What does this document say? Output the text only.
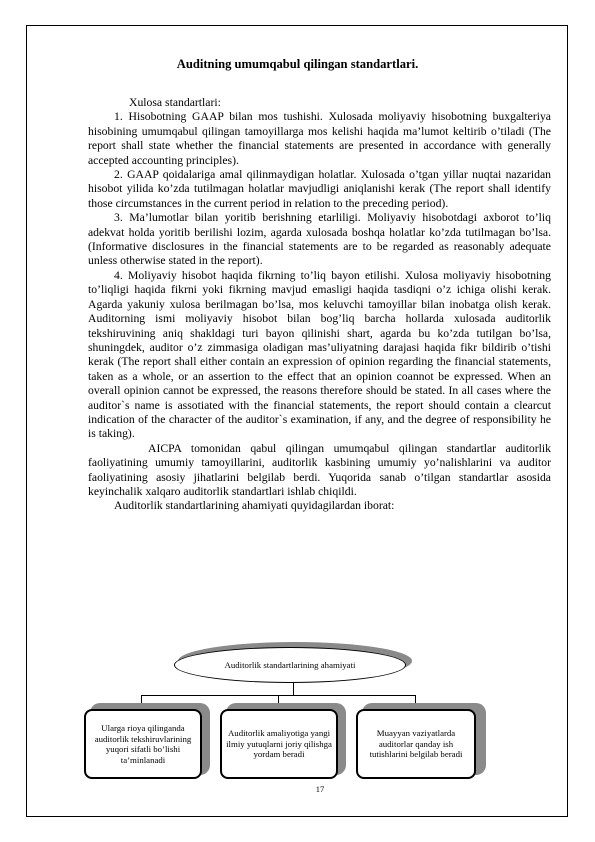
Auditning umumqabul qilingan standartlari.

Xulosa standartlari:

1. Hisobotning GAAP bilan mos tushishi. Xulosada moliyaviy hisobotning buxgalteriya hisobining umumqabul qilingan tamoyillarga mos kelishi haqida ma’lumot keltirib o’tiladi (The report shall state whether the financial statements are presented in accordance with generally accepted accounting principles).

2. GAAP qoidalariga amal qilinmaydigan holatlar. Xulosada o’tgan yillar nuqtai nazaridan hisobot yilida ko’zda tutilmagan holatlar mavjudligi aniqlanishi kerak (The report shall identify those circumstances in the current period in relation to the preceding period).

3. Ma’lumotlar bilan yoritib berishning etarliligi. Moliyaviy hisobotdagi axborot to’liq adekvat holda yoritib berilishi lozim, agarda xulosada boshqa holatlar ko’zda tutilmagan bo’lsa. (Informative disclosures in the financial statements are to be regarded as reasonably adequate unless otherwise stated in the report).

4. Moliyaviy hisobot haqida fikrning to’liq bayon etilishi. Xulosa moliyaviy hisobotning to’liqligi haqida fikrni yoki fikrning mavjud emasligi haqida tasdiqni o’z ichiga olishi kerak. Agarda yakuniy xulosa berilmagan bo’lsa, mos keluvchi tamoyillar bilan inobatga olish kerak. Auditorning ismi moliyaviy hisobot bilan bog’liq barcha hollarda xulosada auditorlik tekshiruvining aniq shakldagi turi bayon qilinishi shart, agarda bu ko’zda tutilgan bo’lsa, shuningdek, auditor o’z zimmasiga oladigan mas’uliyatning darajasi haqida fikr bildirib o’tishi kerak (The report shall either contain an expression of opinion regarding the financial statements, taken as a whole, or an assertion to the effect that an opinion coannot be expressed. When an overall opinion cannot be expressed, the reasons therefore should be stated. In all cases where the auditor`s name is assotiated with the financial statements, the report should contain a clearcut indication of the character of the auditor`s examination, if any, and the degree of responsibility he is taking).

AICPA tomonidan qabul qilingan umumqabul qilingan standartlar auditorlik faoliyatining umumiy tamoyillarini, auditorlik kasbining umumiy yo’nalishlarini va auditor faoliyatining asosiy jihatlarini belgilab berdi. Yuqorida sanab o’tilgan standartlar asosida keyinchalik xalqaro auditorlik standartlari ishlab chiqildi.

Auditorlik standartlarining ahamiyati quyidagilardan iborat:

Auditorlik standartlarining ahamiyati
Ularga rioya qilinganda auditorlik tekshiruvlarining yuqori sifatli bo’lishi ta’minlanadi
Auditorlik amaliyotiga yangi ilmiy yutuqlarni joriy qilishga yordam beradi
Muayyan vaziyatlarda auditorlar qanday ish tutishlarini belgilab beradi
17
